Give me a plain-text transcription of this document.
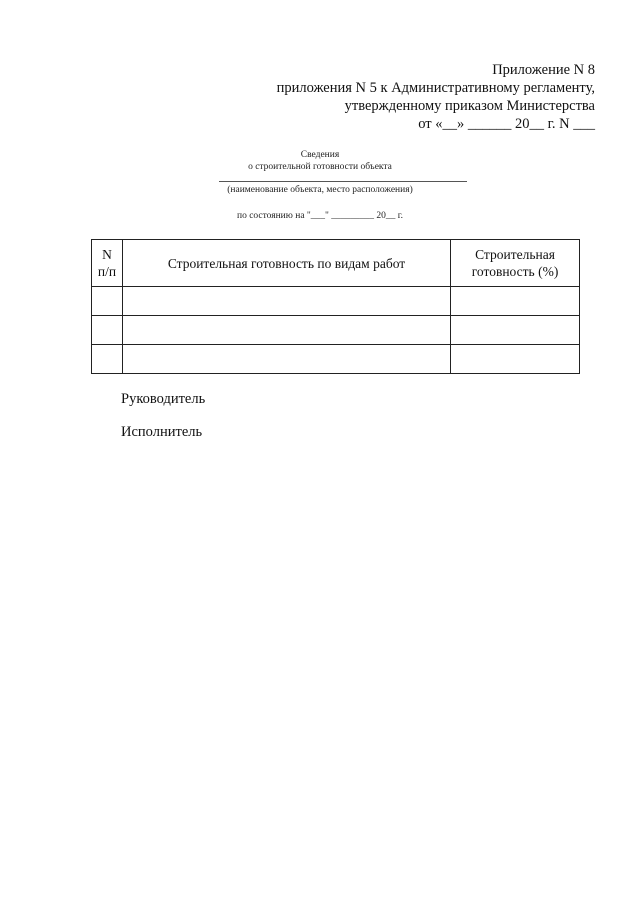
Приложение N 8
приложения N 5 к Административному регламенту,
утвержденному приказом Министерства
от «__» ______ 20__ г. N ___
Сведения
о строительной готовности объекта
(наименование объекта, место расположения)
по состоянию на "___" _________ 20__ г.
N п/п	Строительная готовность по видам работ	Строительная готовность (%)

Руководитель
Исполнитель
